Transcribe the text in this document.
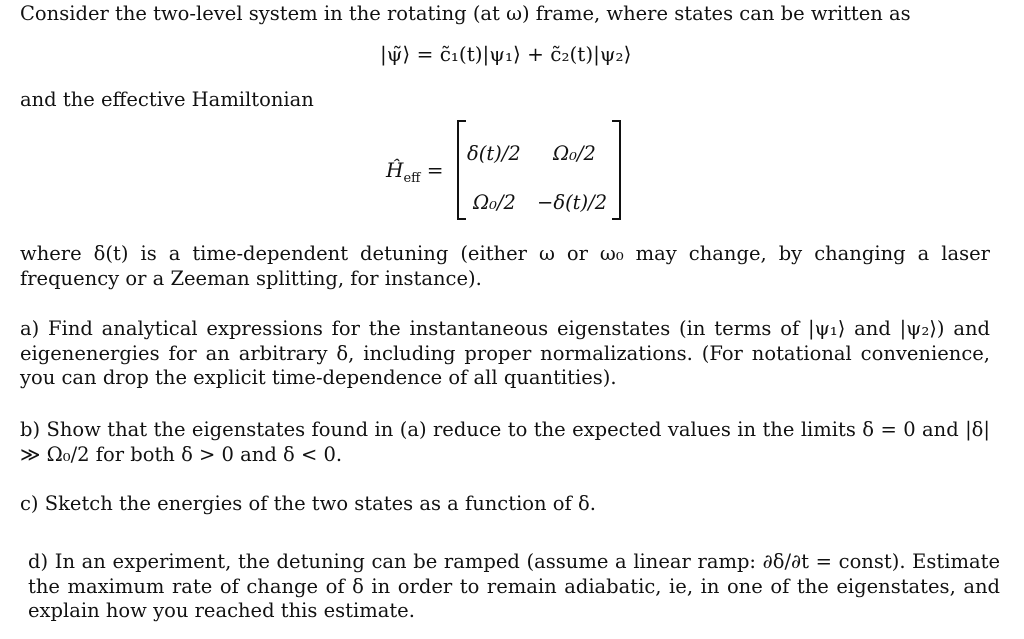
Consider the two-level system in the rotating (at ω) frame, where states can be written as
|ψ̃⟩ = c̃₁(t)|ψ₁⟩ + c̃₂(t)|ψ₂⟩
and the effective Hamiltonian
$Ĥ_{eff}$ =
δ(t)/2 Ω₀/2
Ω₀/2 −δ(t)/2
where δ(t) is a time-dependent detuning (either ω or ω₀ may change, by changing a laser frequency or a Zeeman splitting, for instance).
a) Find analytical expressions for the instantaneous eigenstates (in terms of |ψ₁⟩ and |ψ₂⟩) and eigenenergies for an arbitrary δ, including proper normalizations. (For notational convenience, you can drop the explicit time-dependence of all quantities).
b) Show that the eigenstates found in (a) reduce to the expected values in the limits δ = 0 and |δ| ≫ Ω₀/2 for both δ > 0 and δ < 0.
c) Sketch the energies of the two states as a function of δ.
d) In an experiment, the detuning can be ramped (assume a linear ramp: ∂δ/∂t = const). Estimate the maximum rate of change of δ in order to remain adiabatic, ie, in one of the eigenstates, and explain how you reached this estimate.
